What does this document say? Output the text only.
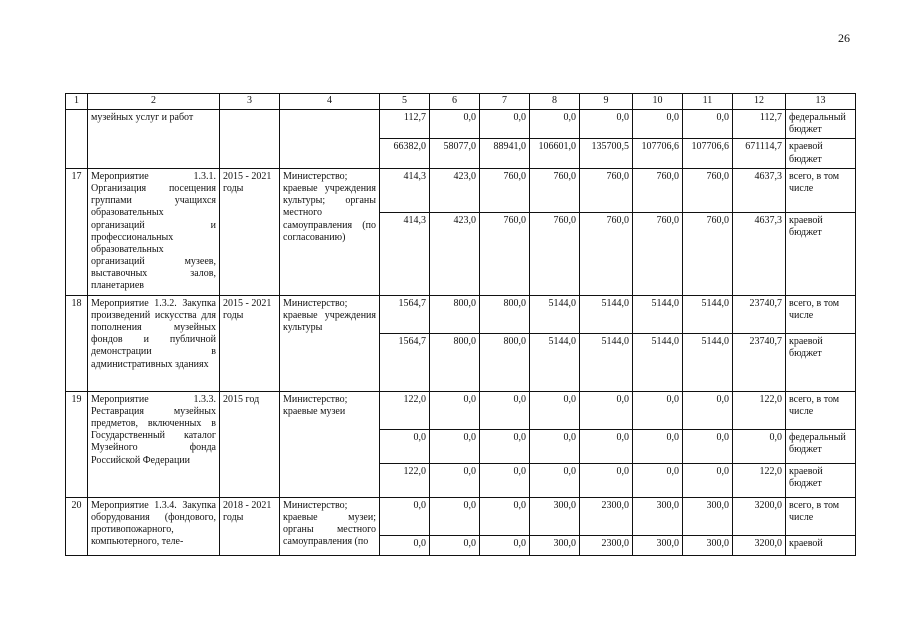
26
1	2	3	4	5	6	7	8	9	10	11	12	13
	музейных услуг и работ			112,7	0,0	0,0	0,0	0,0	0,0	0,0	112,7	федеральный бюджет
				66382,0	58077,0	88941,0	106601,0	135700,5	107706,6	107706,6	671114,7	краевой бюджет
17	Мероприятие 1.3.1. Организация посещения группами учащихся образовательных организаций и профессиональных образовательных организаций музеев, выставочных залов, планетариев	2015 - 2021 годы	Министерство; краевые учреждения культуры; органы местного самоуправления (по согласованию)	414,3	423,0	760,0	760,0	760,0	760,0	760,0	4637,3	всего, в том числе
				414,3	423,0	760,0	760,0	760,0	760,0	760,0	4637,3	краевой бюджет
18	Мероприятие 1.3.2. Закупка произведений искусства для пополнения музейных фондов и публичной демонстрации в административных зданиях	2015 - 2021 годы	Министерство; краевые учреждения культуры	1564,7	800,0	800,0	5144,0	5144,0	5144,0	5144,0	23740,7	всего, в том числе
				1564,7	800,0	800,0	5144,0	5144,0	5144,0	5144,0	23740,7	краевой бюджет
19	Мероприятие 1.3.3. Реставрация музейных предметов, включенных в Государственный каталог Музейного фонда Российской Федерации	2015 год	Министерство; краевые музеи	122,0	0,0	0,0	0,0	0,0	0,0	0,0	122,0	всего, в том числе
				0,0	0,0	0,0	0,0	0,0	0,0	0,0	0,0	федеральный бюджет
				122,0	0,0	0,0	0,0	0,0	0,0	0,0	122,0	краевой бюджет
20	Мероприятие 1.3.4. Закупка оборудования (фондового, противопожарного, компьютерного, теле-	2018 - 2021 годы	Министерство; краевые музеи; органы местного самоуправления (по	0,0	0,0	0,0	300,0	2300,0	300,0	300,0	3200,0	всего, в том числе
				0,0	0,0	0,0	300,0	2300,0	300,0	300,0	3200,0	краевой
